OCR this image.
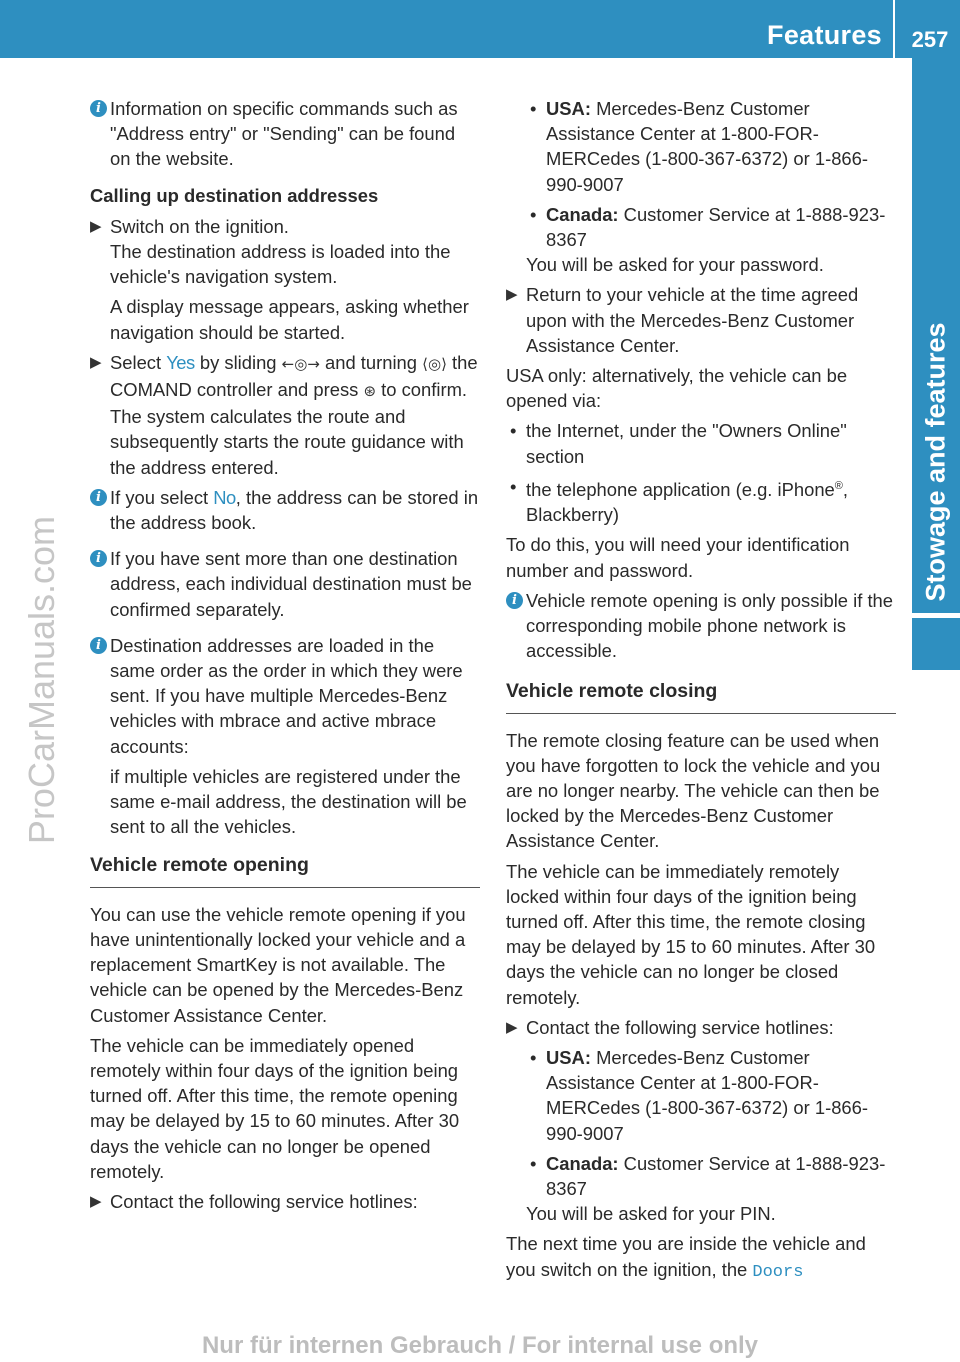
Features	257
Stowage and features
ProCarManuals.com
i Information on specific commands such as "Address entry" or "Sending" can be found on the website.
Calling up destination addresses
▶ Switch on the ignition.
The destination address is loaded into the vehicle's navigation system.
A display message appears, asking whether navigation should be started.
▶ Select Yes by sliding ←◎→ and turning ⟨◎⟩ the COMAND controller and press ⊛ to confirm.
The system calculates the route and subsequently starts the route guidance with the address entered.
i If you select No, the address can be stored in the address book.
i If you have sent more than one destination address, each individual destination must be confirmed separately.
i Destination addresses are loaded in the same order as the order in which they were sent. If you have multiple Mercedes-Benz vehicles with mbrace and active mbrace accounts:
if multiple vehicles are registered under the same e-mail address, the destination will be sent to all the vehicles.
Vehicle remote opening
You can use the vehicle remote opening if you have unintentionally locked your vehicle and a replacement SmartKey is not available. The vehicle can be opened by the Mercedes-Benz Customer Assistance Center.
The vehicle can be immediately opened remotely within four days of the ignition being turned off. After this time, the remote opening may be delayed by 15 to 60 minutes. After 30 days the vehicle can no longer be opened remotely.
▶ Contact the following service hotlines:
• USA: Mercedes-Benz Customer Assistance Center at 1-800-FOR-MERCedes (1-800-367-6372) or 1-866-990-9007
• Canada: Customer Service at 1-888-923-8367
You will be asked for your password.
▶ Return to your vehicle at the time agreed upon with the Mercedes-Benz Customer Assistance Center.
USA only: alternatively, the vehicle can be opened via:
• the Internet, under the "Owners Online" section
• the telephone application (e.g. iPhone®, Blackberry)
To do this, you will need your identification number and password.
i Vehicle remote opening is only possible if the corresponding mobile phone network is accessible.
Vehicle remote closing
The remote closing feature can be used when you have forgotten to lock the vehicle and you are no longer nearby. The vehicle can then be locked by the Mercedes-Benz Customer Assistance Center.
The vehicle can be immediately remotely locked within four days of the ignition being turned off. After this time, the remote closing may be delayed by 15 to 60 minutes. After 30 days the vehicle can no longer be closed remotely.
▶ Contact the following service hotlines:
• USA: Mercedes-Benz Customer Assistance Center at 1-800-FOR-MERCedes (1-800-367-6372) or 1-866-990-9007
• Canada: Customer Service at 1-888-923-8367
You will be asked for your PIN.
The next time you are inside the vehicle and you switch on the ignition, the Doors
Nur für internen Gebrauch / For internal use only
